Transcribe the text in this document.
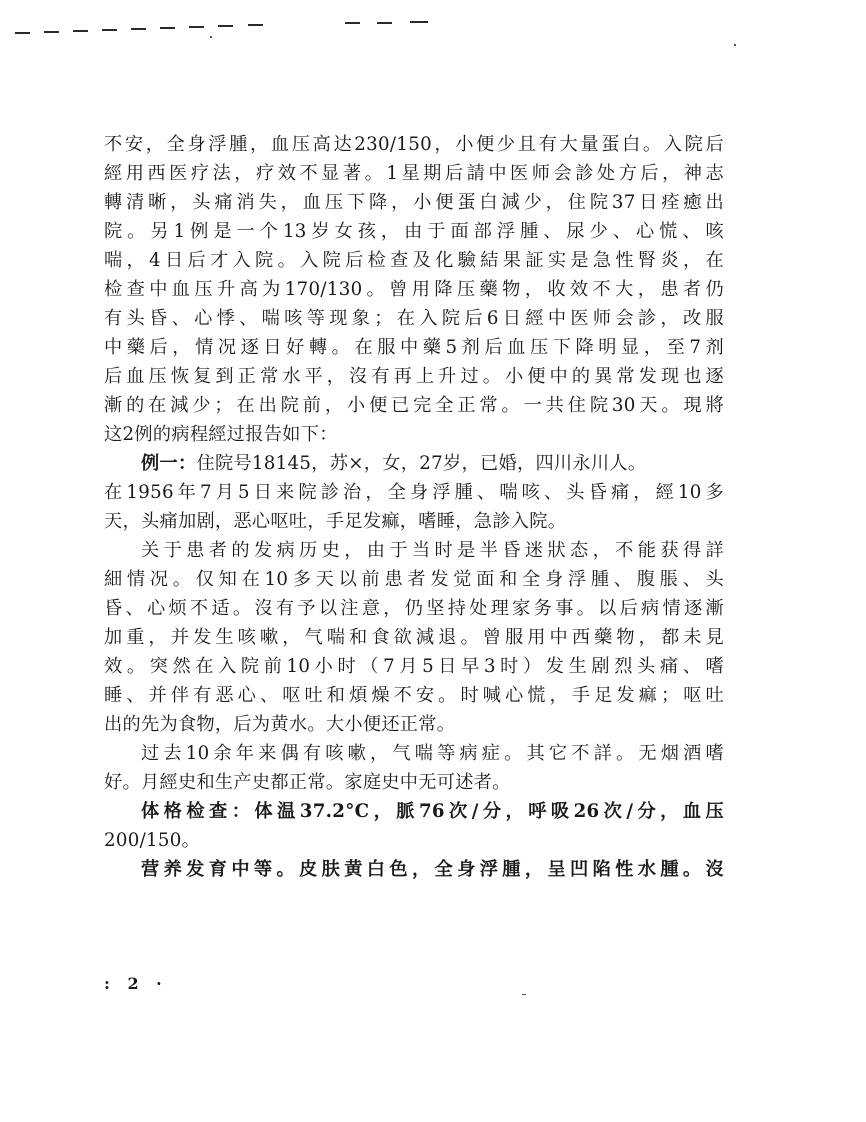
不安，全身浮腫，血压高达230/150，小便少且有大量蛋白。入院后
經用西医疗法，疗效不显著。1星期后請中医师会診处方后，神志
轉清晰，头痛消失，血压下降，小便蛋白減少，住院37日痊癒出
院。另1例是一个13岁女孩，由于面部浮腫、尿少、心慌、咳
喘，4日后才入院。入院后检查及化驗結果証实是急性腎炎，在
检查中血压升高为170/130。曾用降压藥物，收效不大，患者仍
有头昏、心悸、喘咳等现象；在入院后6日經中医师会診，改服
中藥后，情况逐日好轉。在服中藥5剂后血压下降明显，至7剂
后血压恢复到正常水平，沒有再上升过。小便中的異常发现也逐
漸的在減少；在出院前，小便已完全正常。一共住院30天。現將
这2例的病程經过报告如下：
例一：住院号18145，苏×，女，27岁，已婚，四川永川人。
在1956年7月5日来院診治，全身浮腫、喘咳、头昏痛，經10多
天，头痛加剧，恶心呕吐，手足发痲，嗜睡，急診入院。
关于患者的发病历史，由于当时是半昏迷狀态，不能获得詳
細情况。仅知在10多天以前患者发觉面和全身浮腫、腹脹、头
昏、心烦不适。沒有予以注意，仍坚持处理家务事。以后病情逐漸
加重，并发生咳嗽，气喘和食欲減退。曾服用中西藥物，都未見
效。突然在入院前10小时（7月5日早3时）发生剧烈头痛、嗜
睡、并伴有恶心、呕吐和煩燥不安。时喊心慌，手足发痲；呕吐
出的先为食物，后为黄水。大小便还正常。
过去10余年来偶有咳嗽，气喘等病症。其它不詳。无烟酒嗜
好。月經史和生产史都正常。家庭史中无可述者。
体格检查：体温37.2°C，脈76次/分，呼吸26次/分，血压
200/150。
营养发育中等。皮肤黄白色，全身浮腫，呈凹陷性水腫。沒
: 2 ·
